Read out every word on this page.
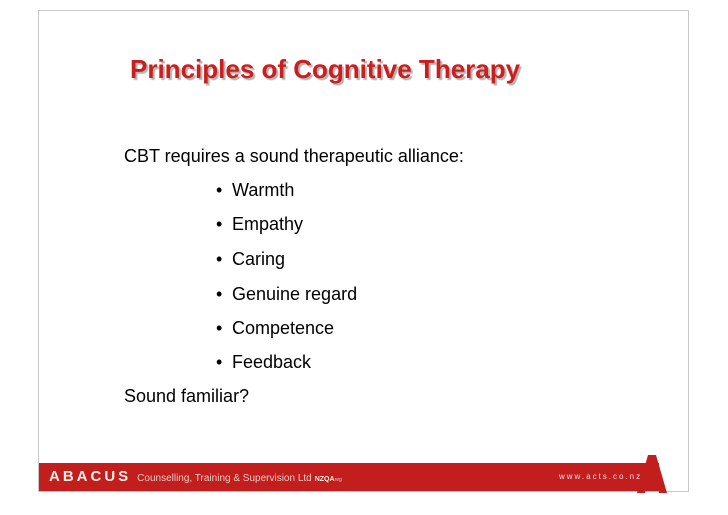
Principles of Cognitive Therapy
CBT requires a sound therapeutic alliance:
• Warmth
• Empathy
• Caring
• Genuine regard
• Competence
• Feedback
Sound familiar?
ABACUS Counselling, Training & Supervision Ltd NZQAreg	www.acts.co.nz
